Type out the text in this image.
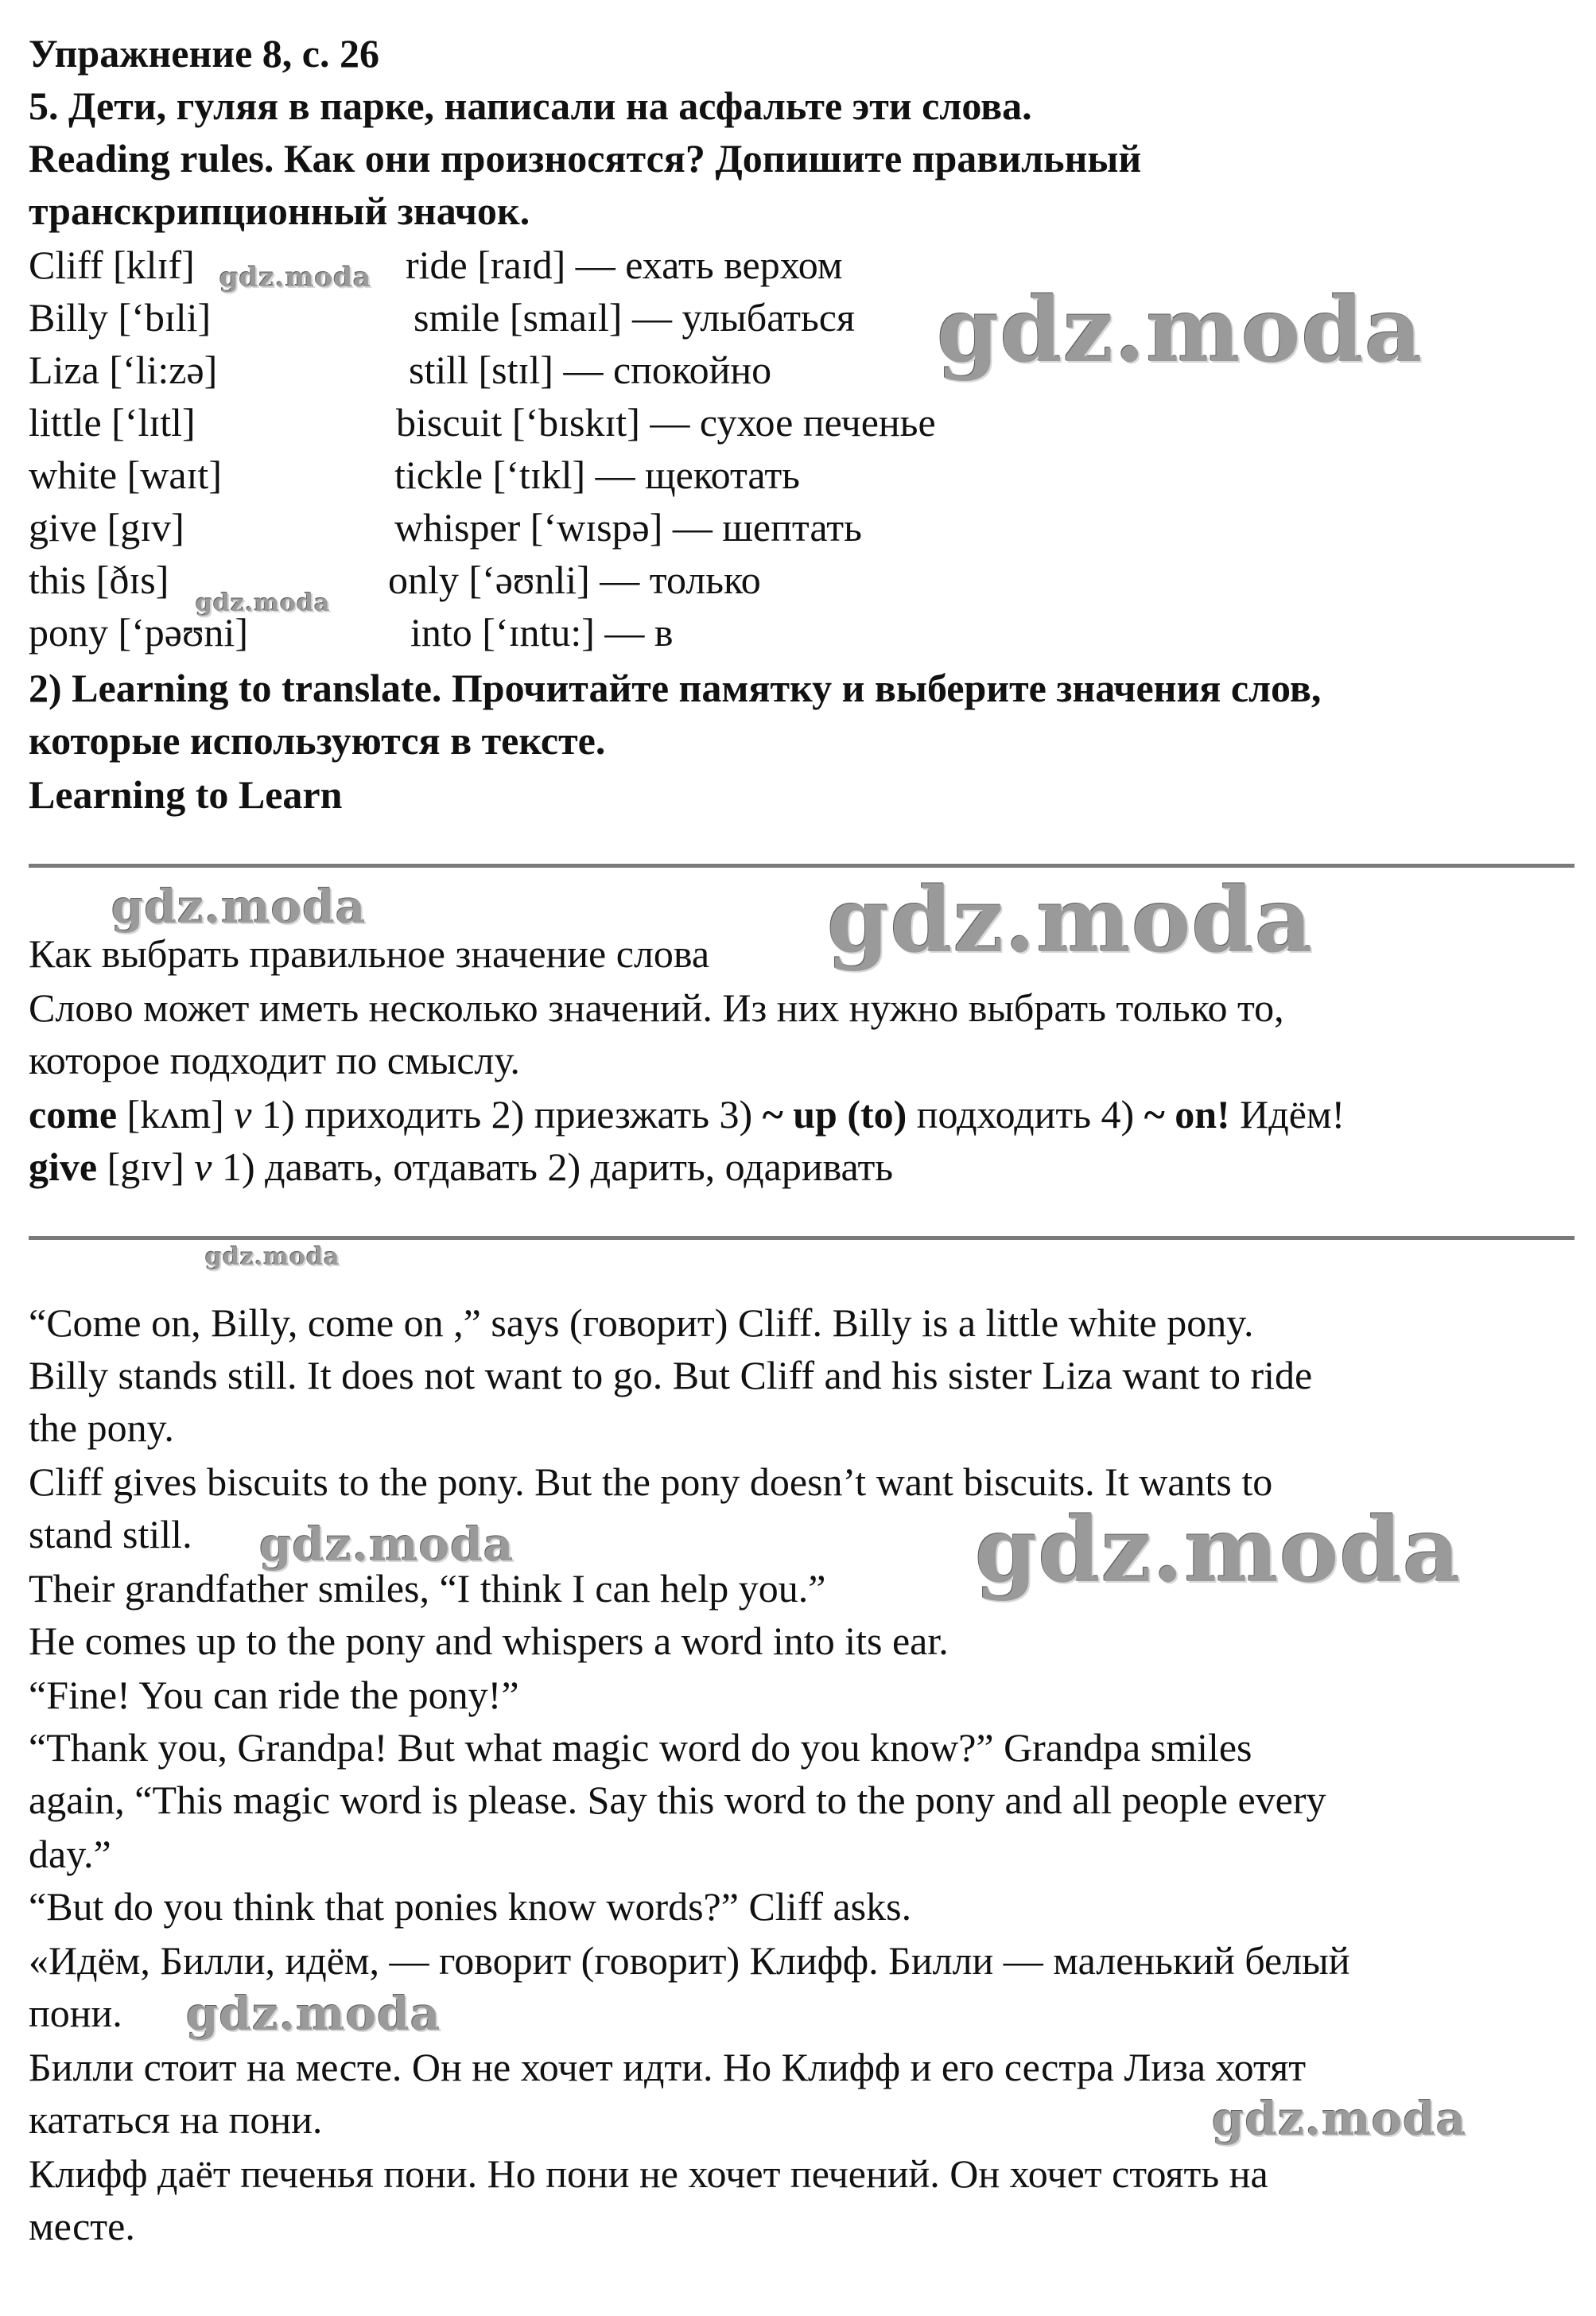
Упражнение 8, с. 26

5. Дети, гуляя в парке, написали на асфальте эти слова.

Reading rules. Как они произносятся? Допишите правильный

транскрипционный значок.

Cliff [klɪf]

Billy [‘bɪli]

Liza [‘li:zə]

little [‘lɪtl]

white [waɪt]

give [gɪv]

this [ðɪs]

pony [‘pəʊni]

ride [raɪd] — ехать верхом

smile [smaɪl] — улыбаться

still [stɪl] — спокойно

biscuit [‘bɪskɪt] — сухое печенье

tickle [‘tɪkl] — щекотать

whisper [‘wɪspə] — шептать

only [‘əʊnli] — только

into [‘ɪntu:] — в

2) Learning to translate. Прочитайте памятку и выберите значения слов,

которые используются в тексте.

Learning to Learn

Как выбрать правильное значение слова

Слово может иметь несколько значений. Из них нужно выбрать только то,

которое подходит по смыслу.

come [kʌm] v 1) приходить 2) приезжать 3) ~ up (to) подходить 4) ~ on! Идём!

give [gɪv] v 1) давать, отдавать 2) дарить, одаривать

“Come on, Billy, come on ,” says (говорит) Cliff. Billy is a little white pony.

Billy stands still. It does not want to go. But Cliff and his sister Liza want to ride

the pony.

Cliff gives biscuits to the pony. But the pony doesn’t want biscuits. It wants to

stand still.

Their grandfather smiles, “I think I can help you.”

He comes up to the pony and whispers a word into its ear.

“Fine! You can ride the pony!”

“Thank you, Grandpa! But what magic word do you know?” Grandpa smiles

again, “This magic word is please. Say this word to the pony and all people every

day.”

“But do you think that ponies know words?” Cliff asks.

«Идём, Билли, идём, — говорит (говорит) Клифф. Билли — маленький белый

пони.

Билли стоит на месте. Он не хочет идти. Но Клифф и его сестра Лиза хотят

кататься на пони.

Клифф даёт печенья пони. Но пони не хочет печений. Он хочет стоять на

месте.

gdz.moda
gdz.moda
gdz.moda
gdz.moda	gdz.moda
gdz.moda
gdz.moda	gdz.moda
gdz.moda
gdz.moda
